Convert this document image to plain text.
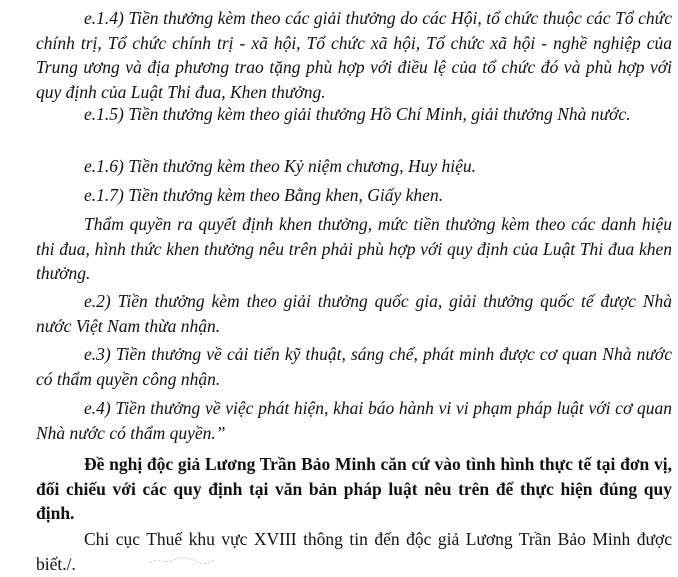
e.1.4) Tiền thưởng kèm theo các giải thưởng do các Hội, tổ chức thuộc các Tổ chức chính trị, Tổ chức chính trị - xã hội, Tổ chức xã hội, Tổ chức xã hội - nghề nghiệp của Trung ương và địa phương trao tặng phù hợp với điều lệ của tổ chức đó và phù hợp với quy định của Luật Thi đua, Khen thưởng.

e.1.5) Tiền thưởng kèm theo giải thưởng Hồ Chí Minh, giải thưởng Nhà nước.

e.1.6) Tiền thưởng kèm theo Kỷ niệm chương, Huy hiệu.

e.1.7) Tiền thưởng kèm theo Bằng khen, Giấy khen.

Thẩm quyền ra quyết định khen thưởng, mức tiền thưởng kèm theo các danh hiệu thi đua, hình thức khen thưởng nêu trên phải phù hợp với quy định của Luật Thi đua khen thưởng.

e.2) Tiền thưởng kèm theo giải thưởng quốc gia, giải thưởng quốc tế được Nhà nước Việt Nam thừa nhận.

e.3) Tiền thưởng về cải tiến kỹ thuật, sáng chế, phát minh được cơ quan Nhà nước có thẩm quyền công nhận.

e.4) Tiền thưởng về việc phát hiện, khai báo hành vi vi phạm pháp luật với cơ quan Nhà nước có thẩm quyền.”

Đề nghị độc giả Lương Trần Bảo Minh căn cứ vào tình hình thực tế tại đơn vị, đối chiếu với các quy định tại văn bản pháp luật nêu trên để thực hiện đúng quy định.

Chi cục Thuế khu vực XVIII thông tin đến độc giả Lương Trần Bảo Minh được biết./.
